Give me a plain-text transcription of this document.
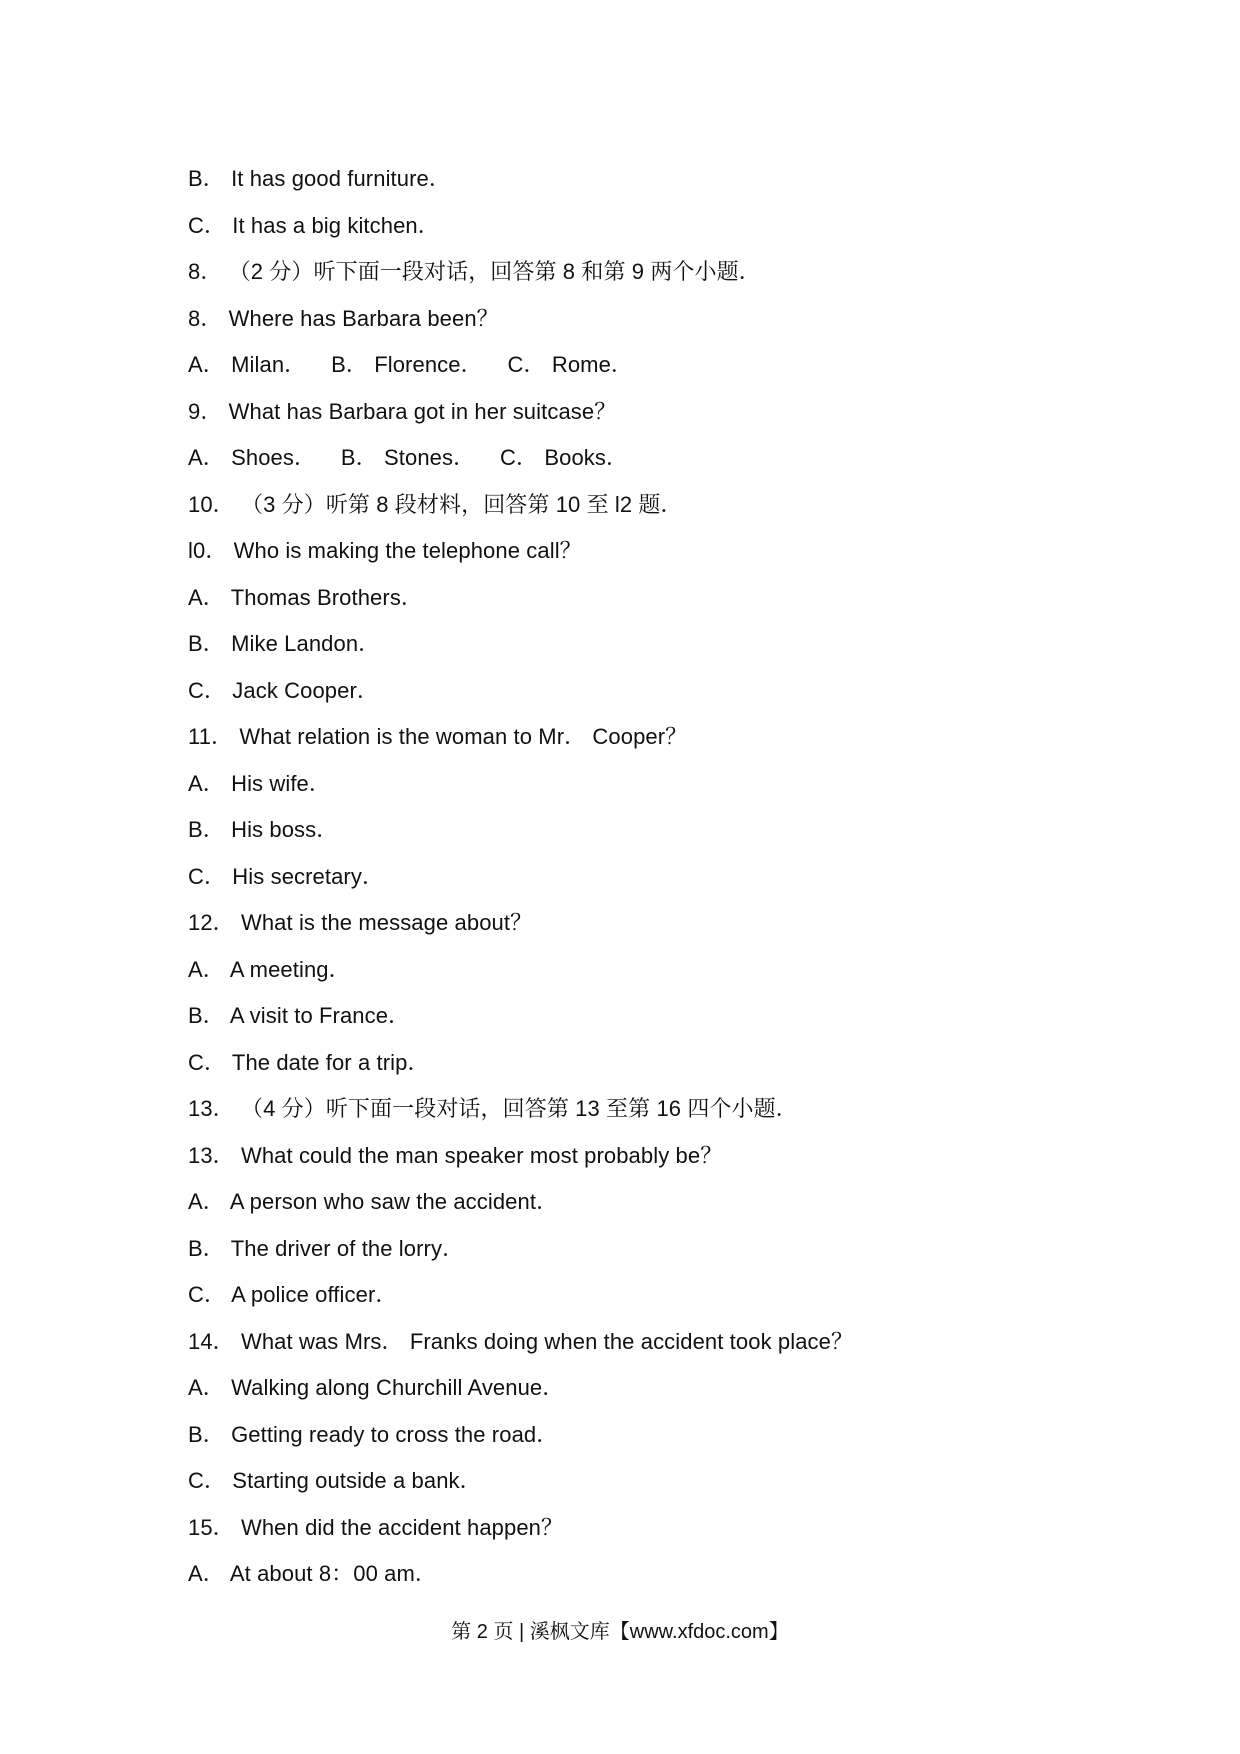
B． It has good furniture．
C． It has a big kitchen．
8． （2 分）听下面一段对话，回答第 8 和第 9 两个小题．
8． Where has Barbara been？
A． Milan．    B． Florence．    C． Rome．
9． What has Barbara got in her suitcase？
A． Shoes．    B． Stones．    C． Books．
10． （3 分）听第 8 段材料，回答第 10 至 l2 题．
l0． Who is making the telephone call？
A． Thomas Brothers．
B． Mike Landon．
C． Jack Cooper．
11． What relation is the woman to Mr． Cooper？
A． His wife．
B． His boss．
C． His secretary．
12． What is the message about？
A． A meeting．
B． A visit to France．
C． The date for a trip．
13． （4 分）听下面一段对话，回答第 13 至第 16 四个小题．
13． What could the man speaker most probably be？
A． A person who saw the accident．
B． The driver of the lorry．
C． A police officer．
14． What was Mrs． Franks doing when the accident took place？
A． Walking along Churchill Avenue．
B． Getting ready to cross the road．
C． Starting outside a bank．
15． When did the accident happen？
A． At about 8：00 am．
第 2 页 | 溪枫文库【www.xfdoc.com】
